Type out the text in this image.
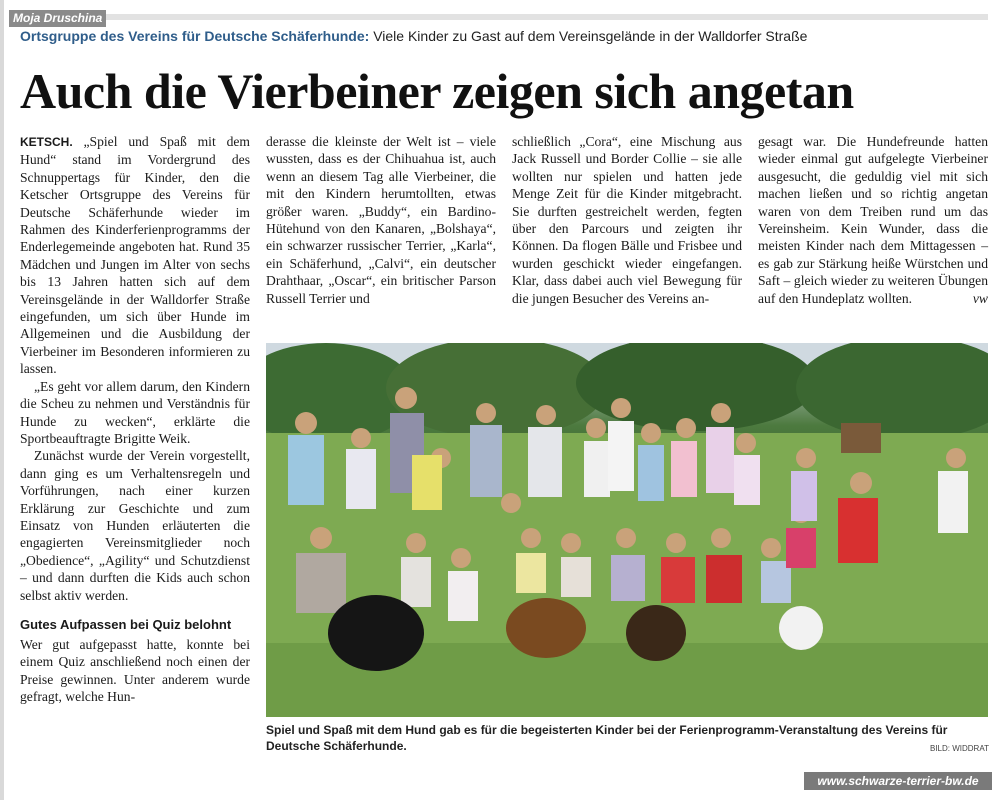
Moja Druschina
Ortsgruppe des Vereins für Deutsche Schäferhunde: Viele Kinder zu Gast auf dem Vereinsgelände in der Walldorfer Straße
Auch die Vierbeiner zeigen sich angetan

KETSCH. „Spiel und Spaß mit dem Hund“ stand im Vordergrund des Schnuppertags für Kinder, den die Ketscher Ortsgruppe des Vereins für Deutsche Schäferhunde wieder im Rahmen des Kinderferienprogramms der Enderlegemeinde angeboten hat. Rund 35 Mädchen und Jungen im Alter von sechs bis 13 Jahren hatten sich auf dem Vereinsgelände in der Walldorfer Straße eingefunden, um sich über Hunde im Allgemeinen und die Ausbildung der Vierbeiner im Besonderen informieren zu lassen.

„Es geht vor allem darum, den Kindern die Scheu zu nehmen und Verständnis für Hunde zu wecken“, erklärte die Sportbeauftragte Brigitte Weik.

Zunächst wurde der Verein vorgestellt, dann ging es um Verhaltensregeln und Vorführungen, nach einer kurzen Erklärung zur Geschichte und zum Einsatz von Hunden erläuterten die engagierten Vereinsmitglieder noch „Obedience“, „Agility“ und Schutzdienst – und dann durften die Kids auch schon selbst aktiv werden.

Gutes Aufpassen bei Quiz belohnt

Wer gut aufgepasst hatte, konnte bei einem Quiz anschließend noch einen der Preise gewinnen. Unter anderem wurde gefragt, welche Hun-

derasse die kleinste der Welt ist – viele wussten, dass es der Chihuahua ist, auch wenn an diesem Tag alle Vierbeiner, die mit den Kindern herumtollten, etwas größer waren. „Buddy“, ein Bardino-Hütehund von den Kanaren, „Bolshaya“, ein schwarzer russischer Terrier, „Karla“, ein Schäferhund, „Calvi“, ein deutscher Drahthaar, „Oscar“, ein britischer Parson Russell Terrier und

schließlich „Cora“, eine Mischung aus Jack Russell und Border Collie – sie alle wollten nur spielen und hatten jede Menge Zeit für die Kinder mitgebracht. Sie durften gestreichelt werden, fegten über den Parcours und zeigten ihr Können. Da flogen Bälle und Frisbee und wurden geschickt wieder eingefangen. Klar, dass dabei auch viel Bewegung für die jungen Besucher des Vereins an-

gesagt war. Die Hundefreunde hatten wieder einmal gut aufgelegte Vierbeiner ausgesucht, die geduldig viel mit sich machen ließen und so richtig angetan waren von dem Treiben rund um das Vereinsheim. Kein Wunder, dass die meisten Kinder nach dem Mittagessen – es gab zur Stärkung heiße Würstchen und Saft – gleich wieder zu weiteren Übungen auf den Hundeplatz wollten.	vw

Spiel und Spaß mit dem Hund gab es für die begeisterten Kinder bei der Ferienprogramm-Veranstaltung des Vereins für Deutsche Schäferhunde.	BILD: WIDDRAT
www.schwarze-terrier-bw.de
